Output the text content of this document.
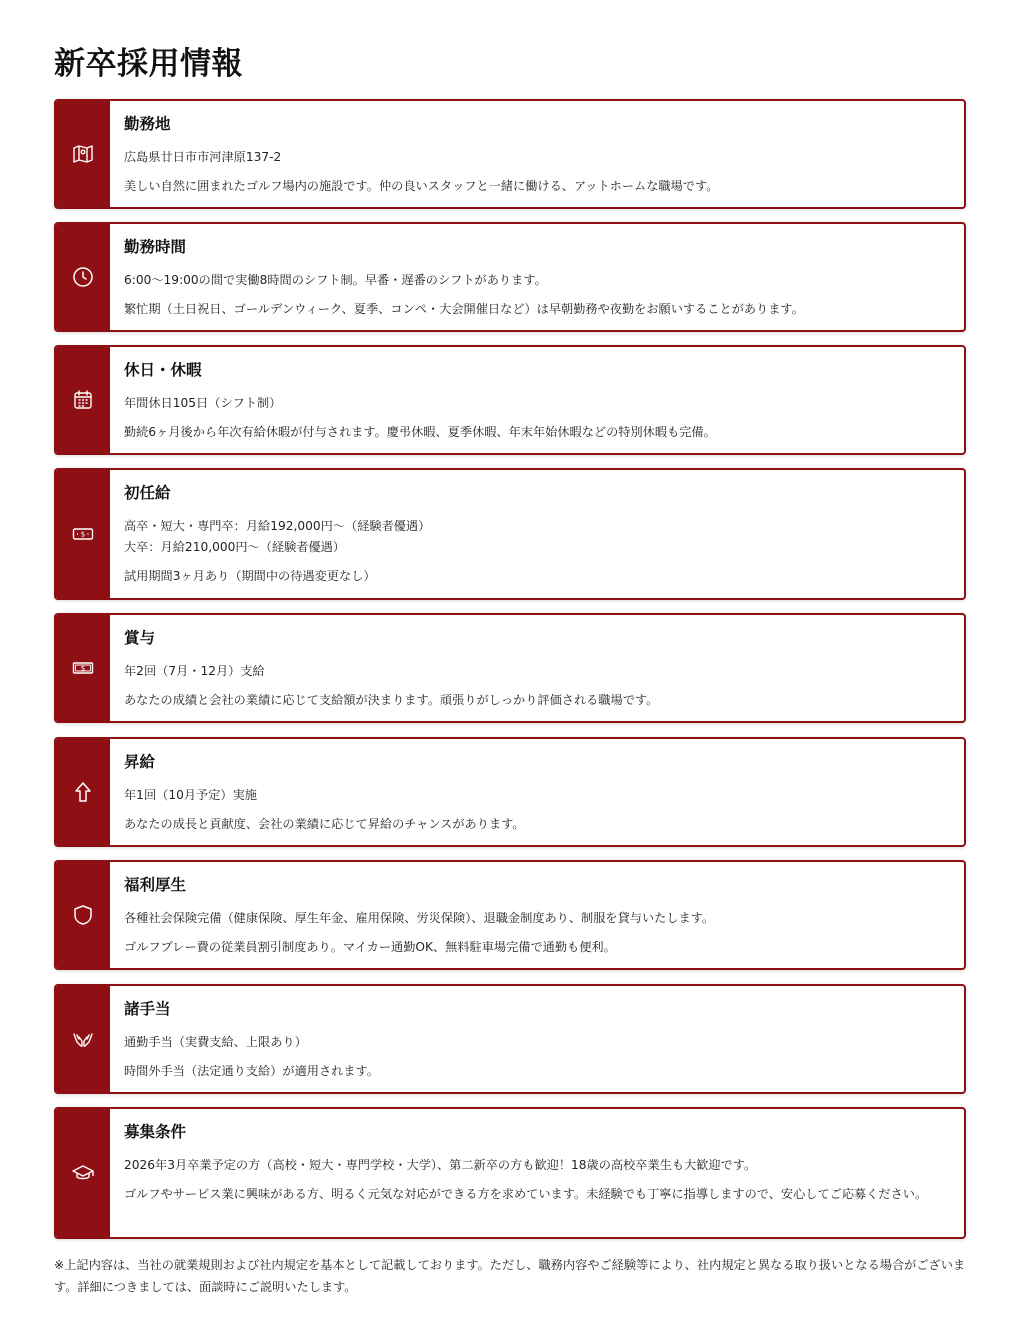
新卒採用情報
勤務地

広島県廿日市市河津原137-2

美しい自然に囲まれたゴルフ場内の施設です。仲の良いスタッフと一緒に働ける、アットホームな職場です。

勤務時間

6:00〜19:00の間で実働8時間のシフト制。早番・遅番のシフトがあります。

繁忙期（土日祝日、ゴールデンウィーク、夏季、コンペ・大会開催日など）は早朝勤務や夜勤をお願いすることがあります。

休日・休暇

年間休日105日（シフト制）

勤続6ヶ月後から年次有給休暇が付与されます。慶弔休暇、夏季休暇、年末年始休暇などの特別休暇も完備。

$
初任給

高卒・短大・専門卒：月給192,000円〜（経験者優遇）

大卒：月給210,000円〜（経験者優遇）

試用期間3ヶ月あり（期間中の待遇変更なし）

$
賞与

年2回（7月・12月）支給

あなたの成績と会社の業績に応じて支給額が決まります。頑張りがしっかり評価される職場です。

昇給

年1回（10月予定）実施

あなたの成長と貢献度、会社の業績に応じて昇給のチャンスがあります。

福利厚生

各種社会保険完備（健康保険、厚生年金、雇用保険、労災保険）、退職金制度あり、制服を貸与いたします。

ゴルフプレー費の従業員割引制度あり。マイカー通勤OK、無料駐車場完備で通勤も便利。

諸手当

通勤手当（実費支給、上限あり）

時間外手当（法定通り支給）が適用されます。

募集条件

2026年3月卒業予定の方（高校・短大・専門学校・大学）、第二新卒の方も歓迎！18歳の高校卒業生も大歓迎です。

ゴルフやサービス業に興味がある方、明るく元気な対応ができる方を求めています。未経験でも丁寧に指導しますので、安心してご応募ください。

※上記内容は、当社の就業規則および社内規定を基本として記載しております。ただし、職務内容やご経験等により、社内規定と異なる取り扱いとなる場合がございます。詳細につきましては、面談時にご説明いたします。
